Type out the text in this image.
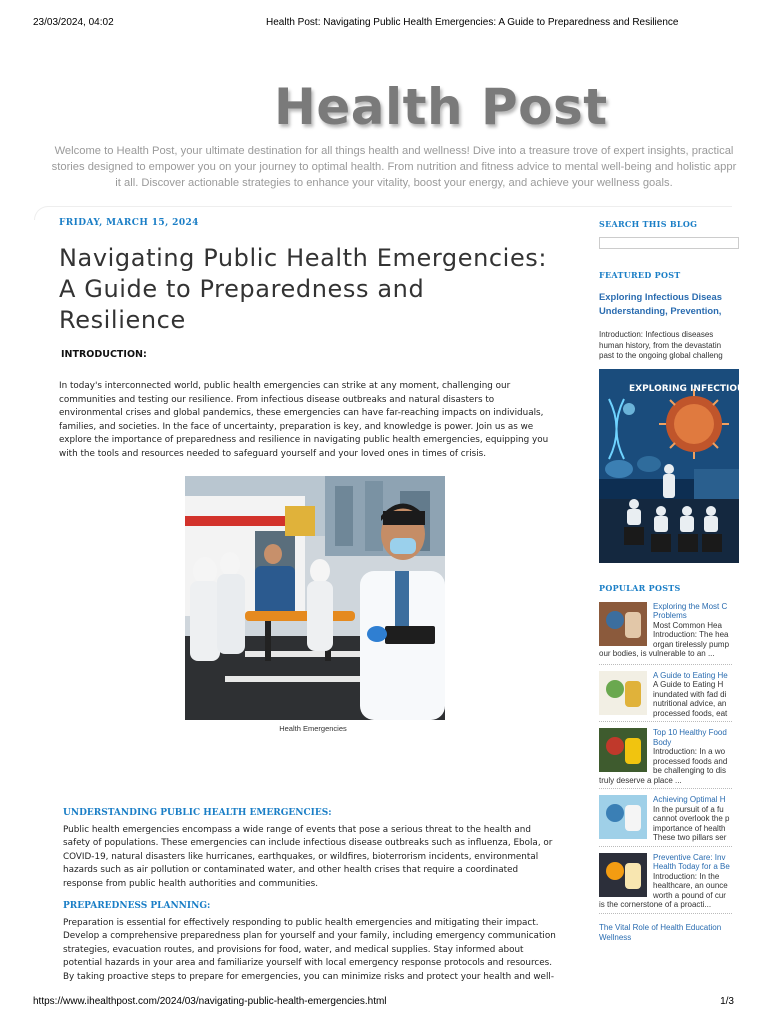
23/03/2024, 04:02	Health Post: Navigating Public Health Emergencies: A Guide to Preparedness and Resilience
Health Post
Welcome to Health Post, your ultimate destination for all things health and wellness! Dive into a treasure trove of expert insights, practical
stories designed to empower you on your journey to optimal health. From nutrition and fitness advice to mental well-being and holistic appr
it all. Discover actionable strategies to enhance your vitality, boost your energy, and achieve your wellness goals.
FRIDAY, MARCH 15, 2024
Navigating Public Health Emergencies:
A Guide to Preparedness and
Resilience
INTRODUCTION:
In today's interconnected world, public health emergencies can strike at any moment, challenging our
communities and testing our resilience. From infectious disease outbreaks and natural disasters to
environmental crises and global pandemics, these emergencies can have far-reaching impacts on individuals,
families, and societies. In the face of uncertainty, preparation is key, and knowledge is power. Join us as we
explore the importance of preparedness and resilience in navigating public health emergencies, equipping you
with the tools and resources needed to safeguard yourself and your loved ones in times of crisis.
Health Emergencies
UNDERSTANDING PUBLIC HEALTH EMERGENCIES:
Public health emergencies encompass a wide range of events that pose a serious threat to the health and
safety of populations. These emergencies can include infectious disease outbreaks such as influenza, Ebola, or
COVID-19, natural disasters like hurricanes, earthquakes, or wildfires, bioterrorism incidents, environmental
hazards such as air pollution or contaminated water, and other health crises that require a coordinated
response from public health authorities and communities.
PREPAREDNESS PLANNING:
Preparation is essential for effectively responding to public health emergencies and mitigating their impact.
Develop a comprehensive preparedness plan for yourself and your family, including emergency communication
strategies, evacuation routes, and provisions for food, water, and medical supplies. Stay informed about
potential hazards in your area and familiarize yourself with local emergency response protocols and resources.
By taking proactive steps to prepare for emergencies, you can minimize risks and protect your health and well-
SEARCH THIS BLOG
FEATURED POST
Exploring Infectious Diseas
Understanding, Prevention,
Introduction: Infectious diseases
human history, from the devastatin
past to the ongoing global challeng
EXPLORING INFECTIOUS AS
POPULAR POSTS
Exploring the Most C
Problems
Most Common Hea
Introduction: The hea
organ tirelessly pump
our bodies, is vulnerable to an ...
A Guide to Eating He
A Guide to Eating H
inundated with fad di
nutritional advice, an
processed foods, eat
Top 10 Healthy Food
Body
Introduction: In a wo
processed foods and
be challenging to dis
truly deserve a place ...
Achieving Optimal H
In the pursuit of a fu
cannot overlook the p
importance of health
These two pillars ser
Preventive Care: Inv
Health Today for a Be
Introduction: In the
healthcare, an ounce
worth a pound of cur
is the cornerstone of a proacti...
The Vital Role of Health Education
Wellness
https://www.ihealthpost.com/2024/03/navigating-public-health-emergencies.html	1/3
